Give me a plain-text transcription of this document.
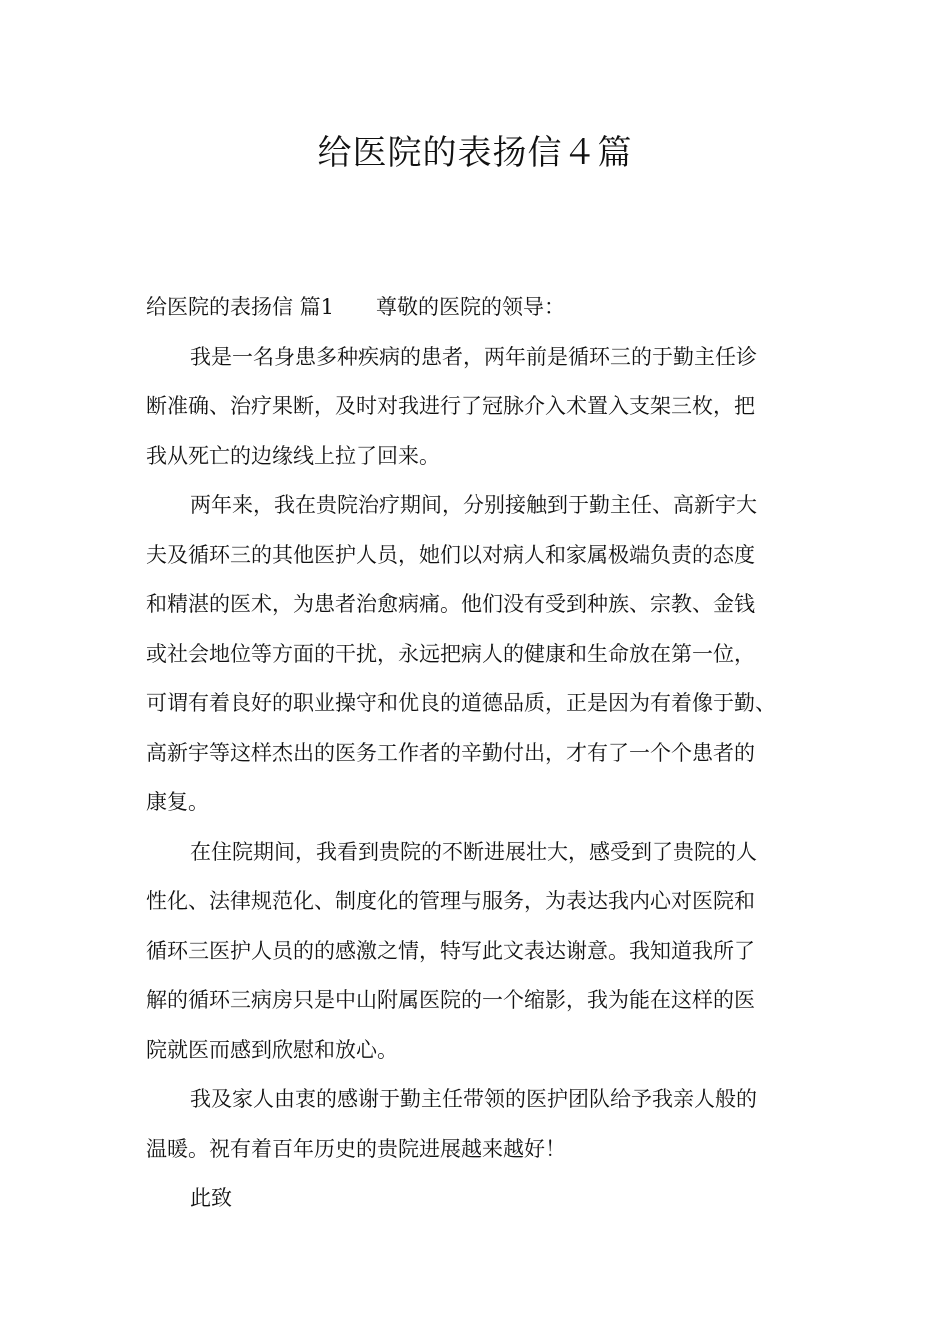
给医院的表扬信４篇

给医院的表扬信 篇1 尊敬的医院的领导：

我是一名身患多种疾病的患者，两年前是循环三的于勤主任诊

断准确、治疗果断，及时对我进行了冠脉介入术置入支架三枚，把

我从死亡的边缘线上拉了回来。

两年来，我在贵院治疗期间，分别接触到于勤主任、高新宇大

夫及循环三的其他医护人员，她们以对病人和家属极端负责的态度

和精湛的医术，为患者治愈病痛。他们没有受到种族、宗教、金钱

或社会地位等方面的干扰，永远把病人的健康和生命放在第一位，

可谓有着良好的职业操守和优良的道德品质，正是因为有着像于勤、

高新宇等这样杰出的医务工作者的辛勤付出，才有了一个个患者的

康复。

在住院期间，我看到贵院的不断进展壮大，感受到了贵院的人

性化、法律规范化、制度化的管理与服务，为表达我内心对医院和

循环三医护人员的的感激之情，特写此文表达谢意。我知道我所了

解的循环三病房只是中山附属医院的一个缩影，我为能在这样的医

院就医而感到欣慰和放心。

我及家人由衷的感谢于勤主任带领的医护团队给予我亲人般的

温暖。祝有着百年历史的贵院进展越来越好！

此致
